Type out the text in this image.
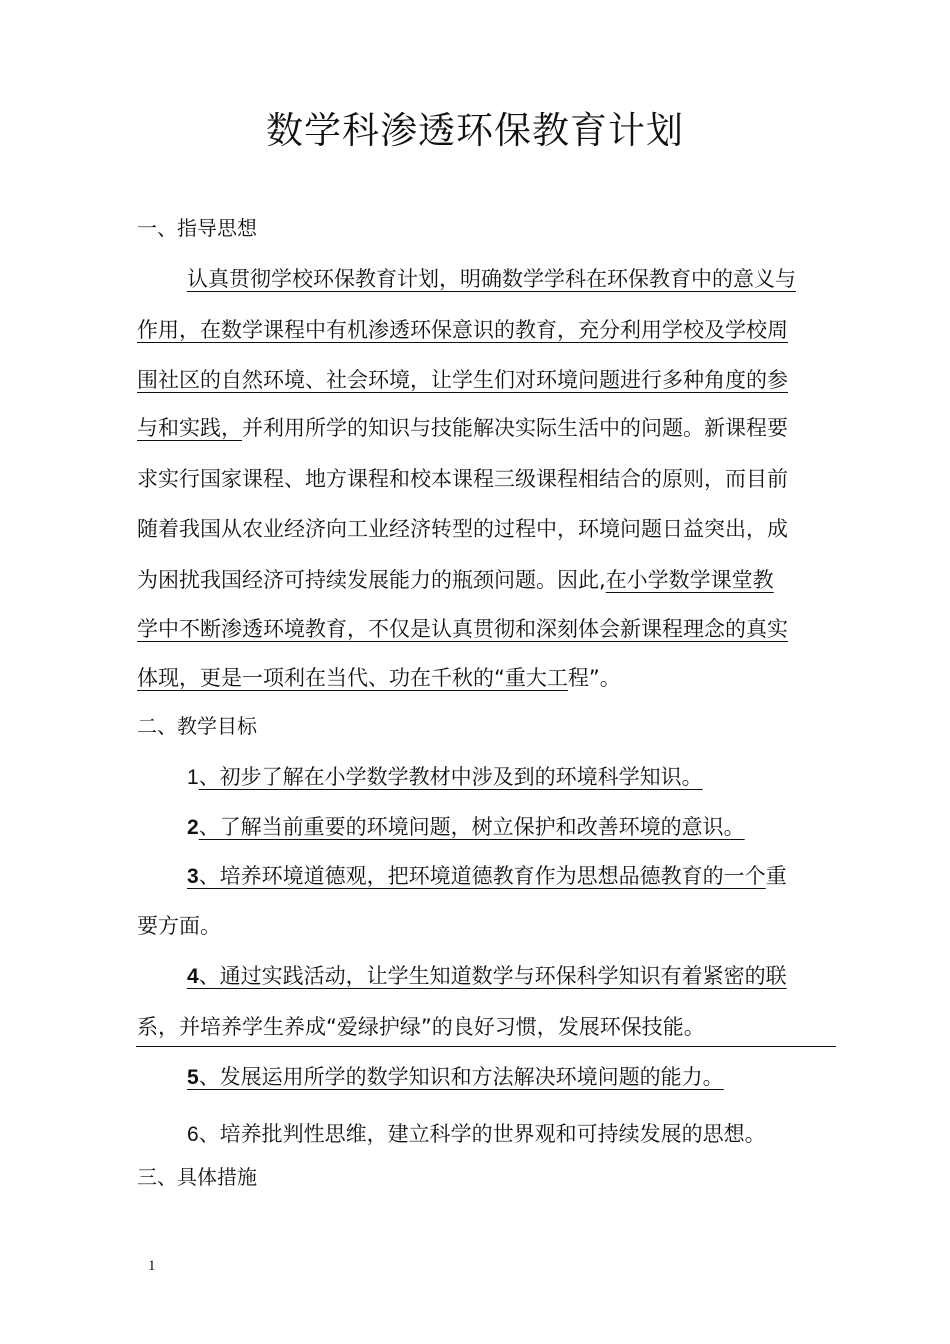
数学科渗透环保教育计划
一、指导思想
认真贯彻学校环保教育计划，明确数学学科在环保教育中的意义与
作用，在数学课程中有机渗透环保意识的教育，充分利用学校及学校周
围社区的自然环境、社会环境，让学生们对环境问题进行多种角度的参
与和实践，并利用所学的知识与技能解决实际生活中的问题。新课程要
求实行国家课程、地方课程和校本课程三级课程相结合的原则，而目前
随着我国从农业经济向工业经济转型的过程中，环境问题日益突出，成
为困扰我国经济可持续发展能力的瓶颈问题。因此,在小学数学课堂教
学中不断渗透环境教育，不仅是认真贯彻和深刻体会新课程理念的真实
体现，更是一项利在当代、功在千秋的“重大工程”。
二、教学目标
1、初步了解在小学数学教材中涉及到的环境科学知识。
2、了解当前重要的环境问题，树立保护和改善环境的意识。
3、培养环境道德观，把环境道德教育作为思想品德教育的一个重
要方面。
4、通过实践活动，让学生知道数学与环保科学知识有着紧密的联
系，并培养学生养成“爱绿护绿”的良好习惯，发展环保技能。
5、发展运用所学的数学知识和方法解决环境问题的能力。
6、培养批判性思维，建立科学的世界观和可持续发展的思想。
三、具体措施
1
